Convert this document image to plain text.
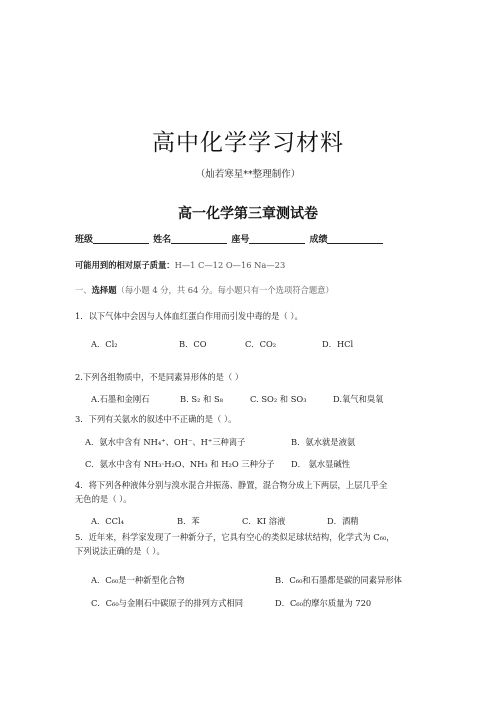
高中化学学习材料
（灿若寒星**整理制作）
高一化学第三章测试卷
班级	姓名	座号	成绩
可能用到的相对原子质量：H—1 C—12 O—16 Na—23
一、选择题（每小题 4 分，共 64 分。每小题只有一个选项符合题意）
1．以下气体中会因与人体血红蛋白作用而引发中毒的是（ ）。
A．Cl₂	B．CO	C．CO₂	D．HCl
2.下列各组物质中，不是同素异形体的是（ ）
A.石墨和金刚石	B. S₂ 和 S₈	C. SO₂ 和 SO₃	D.氧气和臭氧
3．下列有关氨水的叙述中不正确的是（ ）。
A．氨水中含有 NH₄⁺、OH⁻、H⁺三种离子	B．氨水就是液氨
C．氨水中含有 NH₃·H₂O、NH₃ 和 H₂O 三种分子 D． 氨水显碱性
4．将下列各种液体分别与溴水混合并振荡、静置，混合物分成上下两层，上层几乎全
无色的是（ ）。
A．CCl₄	B．苯	C．KI 溶液	D．酒精
5．近年来，科学家发现了一种新分子，它具有空心的类似足球状结构，化学式为 C₆₀，
下列说法正确的是（ ）。
A．C₆₀是一种新型化合物	B．C₆₀和石墨都是碳的同素异形体
C．C₆₀与金刚石中碳原子的排列方式相同	D．C₆₀的摩尔质量为 720
